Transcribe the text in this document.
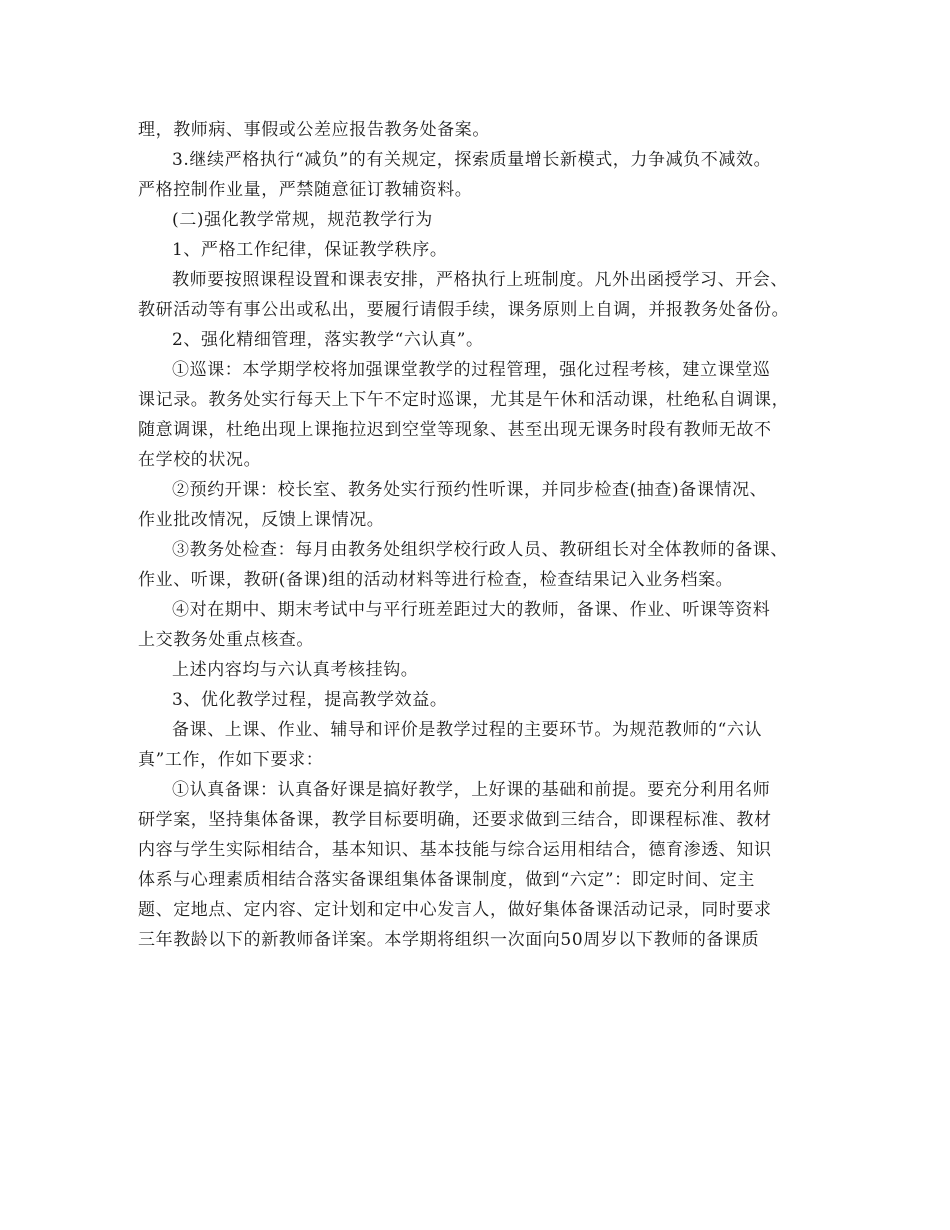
理，教师病、事假或公差应报告教务处备案。
3.继续严格执行“减负”的有关规定，探索质量增长新模式，力争减负不减效。
严格控制作业量，严禁随意征订教辅资料。
(二)强化教学常规，规范教学行为
1、严格工作纪律，保证教学秩序。
教师要按照课程设置和课表安排，严格执行上班制度。凡外出函授学习、开会、
教研活动等有事公出或私出，要履行请假手续，课务原则上自调，并报教务处备份。
2、强化精细管理，落实教学“六认真”。
①巡课：本学期学校将加强课堂教学的过程管理，强化过程考核，建立课堂巡
课记录。教务处实行每天上下午不定时巡课，尤其是午休和活动课，杜绝私自调课，
随意调课，杜绝出现上课拖拉迟到空堂等现象、甚至出现无课务时段有教师无故不
在学校的状况。
②预约开课：校长室、教务处实行预约性听课，并同步检查(抽查)备课情况、
作业批改情况，反馈上课情况。
③教务处检查：每月由教务处组织学校行政人员、教研组长对全体教师的备课、
作业、听课，教研(备课)组的活动材料等进行检查，检查结果记入业务档案。
④对在期中、期末考试中与平行班差距过大的教师，备课、作业、听课等资料
上交教务处重点核查。
上述内容均与六认真考核挂钩。
3、优化教学过程，提高教学效益。
备课、上课、作业、辅导和评价是教学过程的主要环节。为规范教师的“六认
真”工作，作如下要求：
①认真备课：认真备好课是搞好教学，上好课的基础和前提。要充分利用名师
研学案，坚持集体备课，教学目标要明确，还要求做到三结合，即课程标准、教材
内容与学生实际相结合，基本知识、基本技能与综合运用相结合，德育渗透、知识
体系与心理素质相结合落实备课组集体备课制度，做到“六定”：即定时间、定主
题、定地点、定内容、定计划和定中心发言人，做好集体备课活动记录，同时要求
三年教龄以下的新教师备详案。本学期将组织一次面向50周岁以下教师的备课质
